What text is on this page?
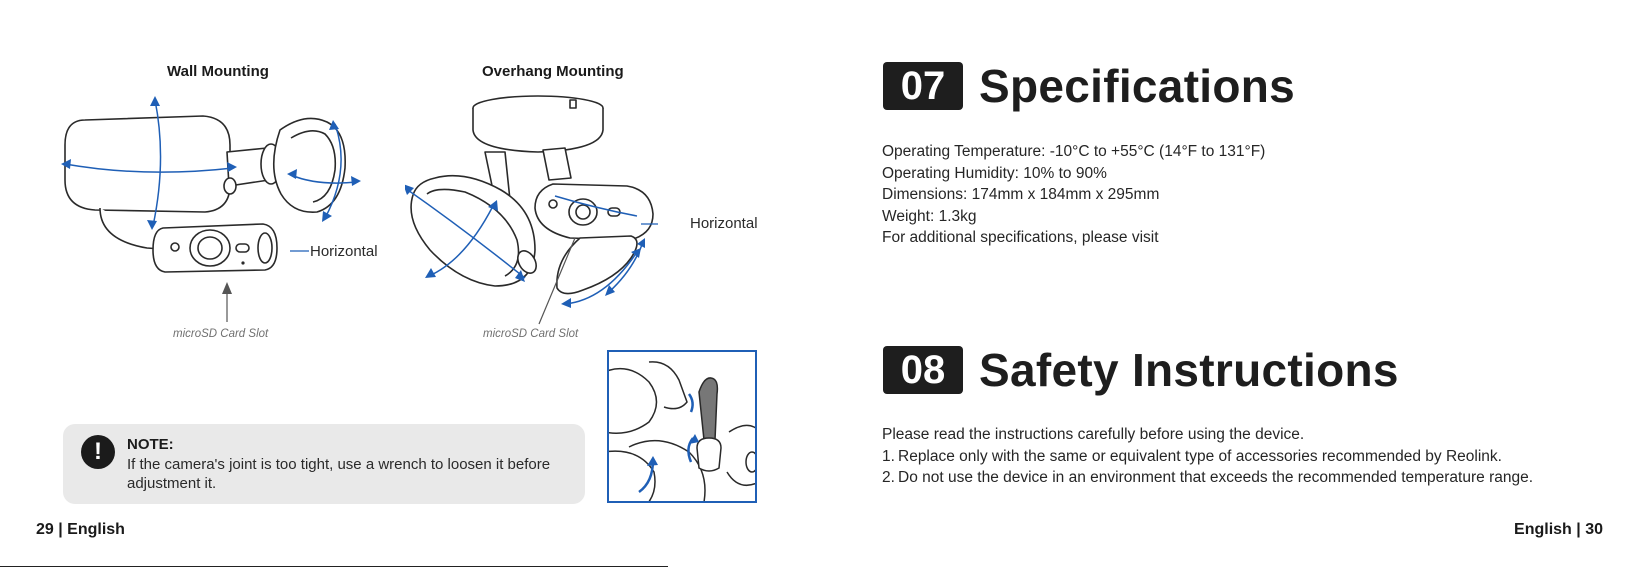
Wall Mounting	Overhang Mounting
Horizontal
microSD Card Slot
Horizontal
microSD Card Slot
!	NOTE:
If the camera's joint is too tight, use a wrench to loosen it before adjustment it.
29 | English
07 Specifications
Operating Temperature: -10°C to +55°C (14°F to 131°F)
Operating Humidity: 10% to 90%
Dimensions: 174mm x 184mm x 295mm
Weight: 1.3kg
For additional specifications, please visit
08 Safety Instructions
Please read the instructions carefully before using the device.
1. Replace only with the same or equivalent type of accessories recommended by Reolink.
2. Do not use the device in an environment that exceeds the recommended temperature range.
English | 30
